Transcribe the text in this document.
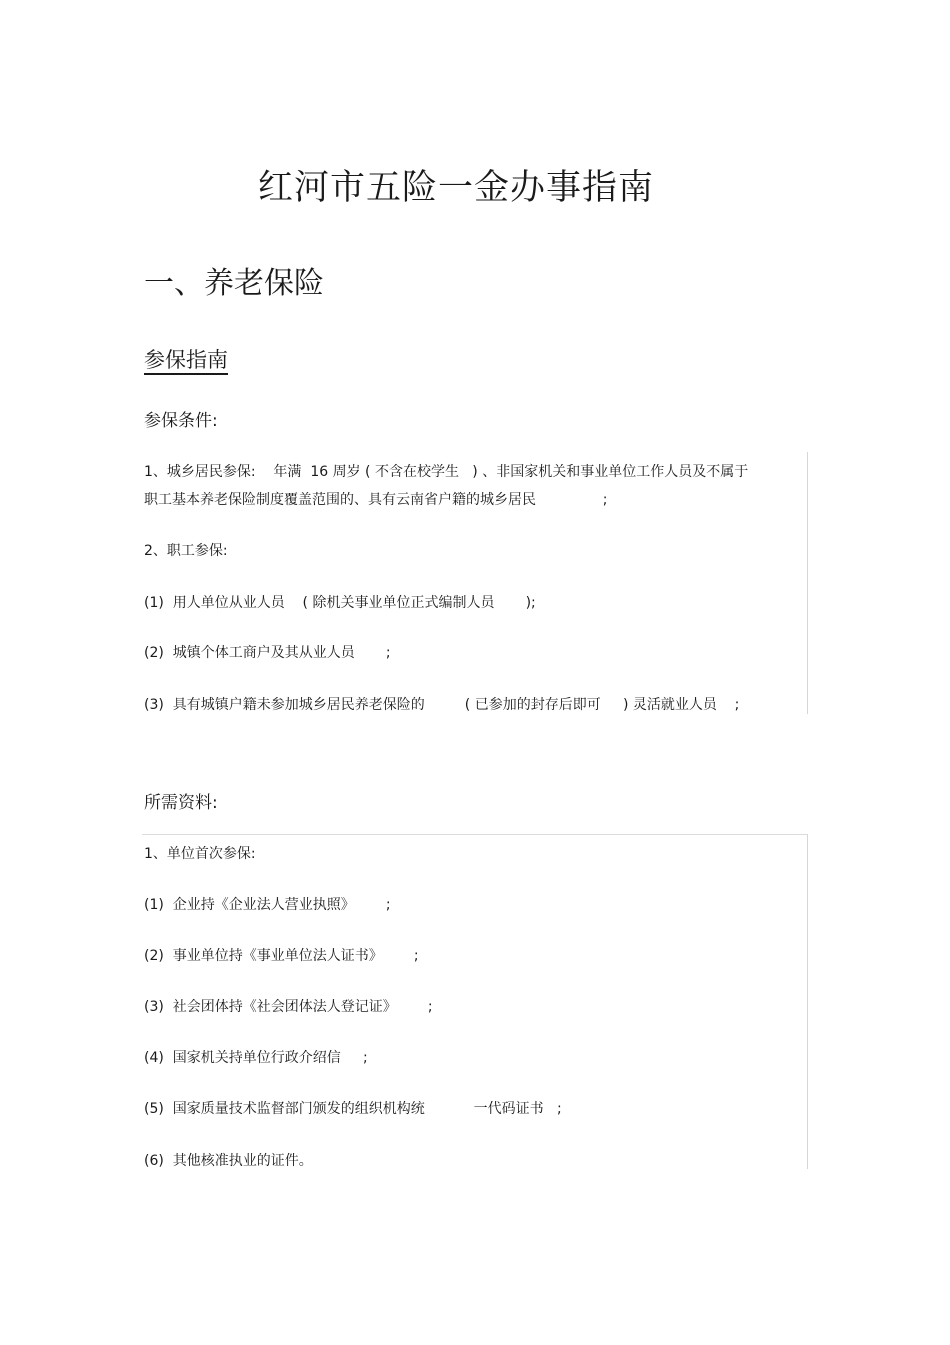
红河市五险一金办事指南
一、养老保险
参保指南
参保条件:
1、城乡居民参保:    年满  16 周岁 ( 不含在校学生   ) 、非国家机关和事业单位工作人员及不属于
职工基本养老保险制度覆盖范围的、具有云南省户籍的城乡居民               ;
2、职工参保:
(1)  用人单位从业人员    ( 除机关事业单位正式编制人员       );
(2)  城镇个体工商户及其从业人员       ;
(3)  具有城镇户籍未参加城乡居民养老保险的         ( 已参加的封存后即可     ) 灵活就业人员    ;
所需资料:
1、单位首次参保:
(1)  企业持《企业法人营业执照》       ;
(2)  事业单位持《事业单位法人证书》       ;
(3)  社会团体持《社会团体法人登记证》       ;
(4)  国家机关持单位行政介绍信     ;
(5)  国家质量技术监督部门颁发的组织机构统           一代码证书   ;
(6)  其他核准执业的证件。
